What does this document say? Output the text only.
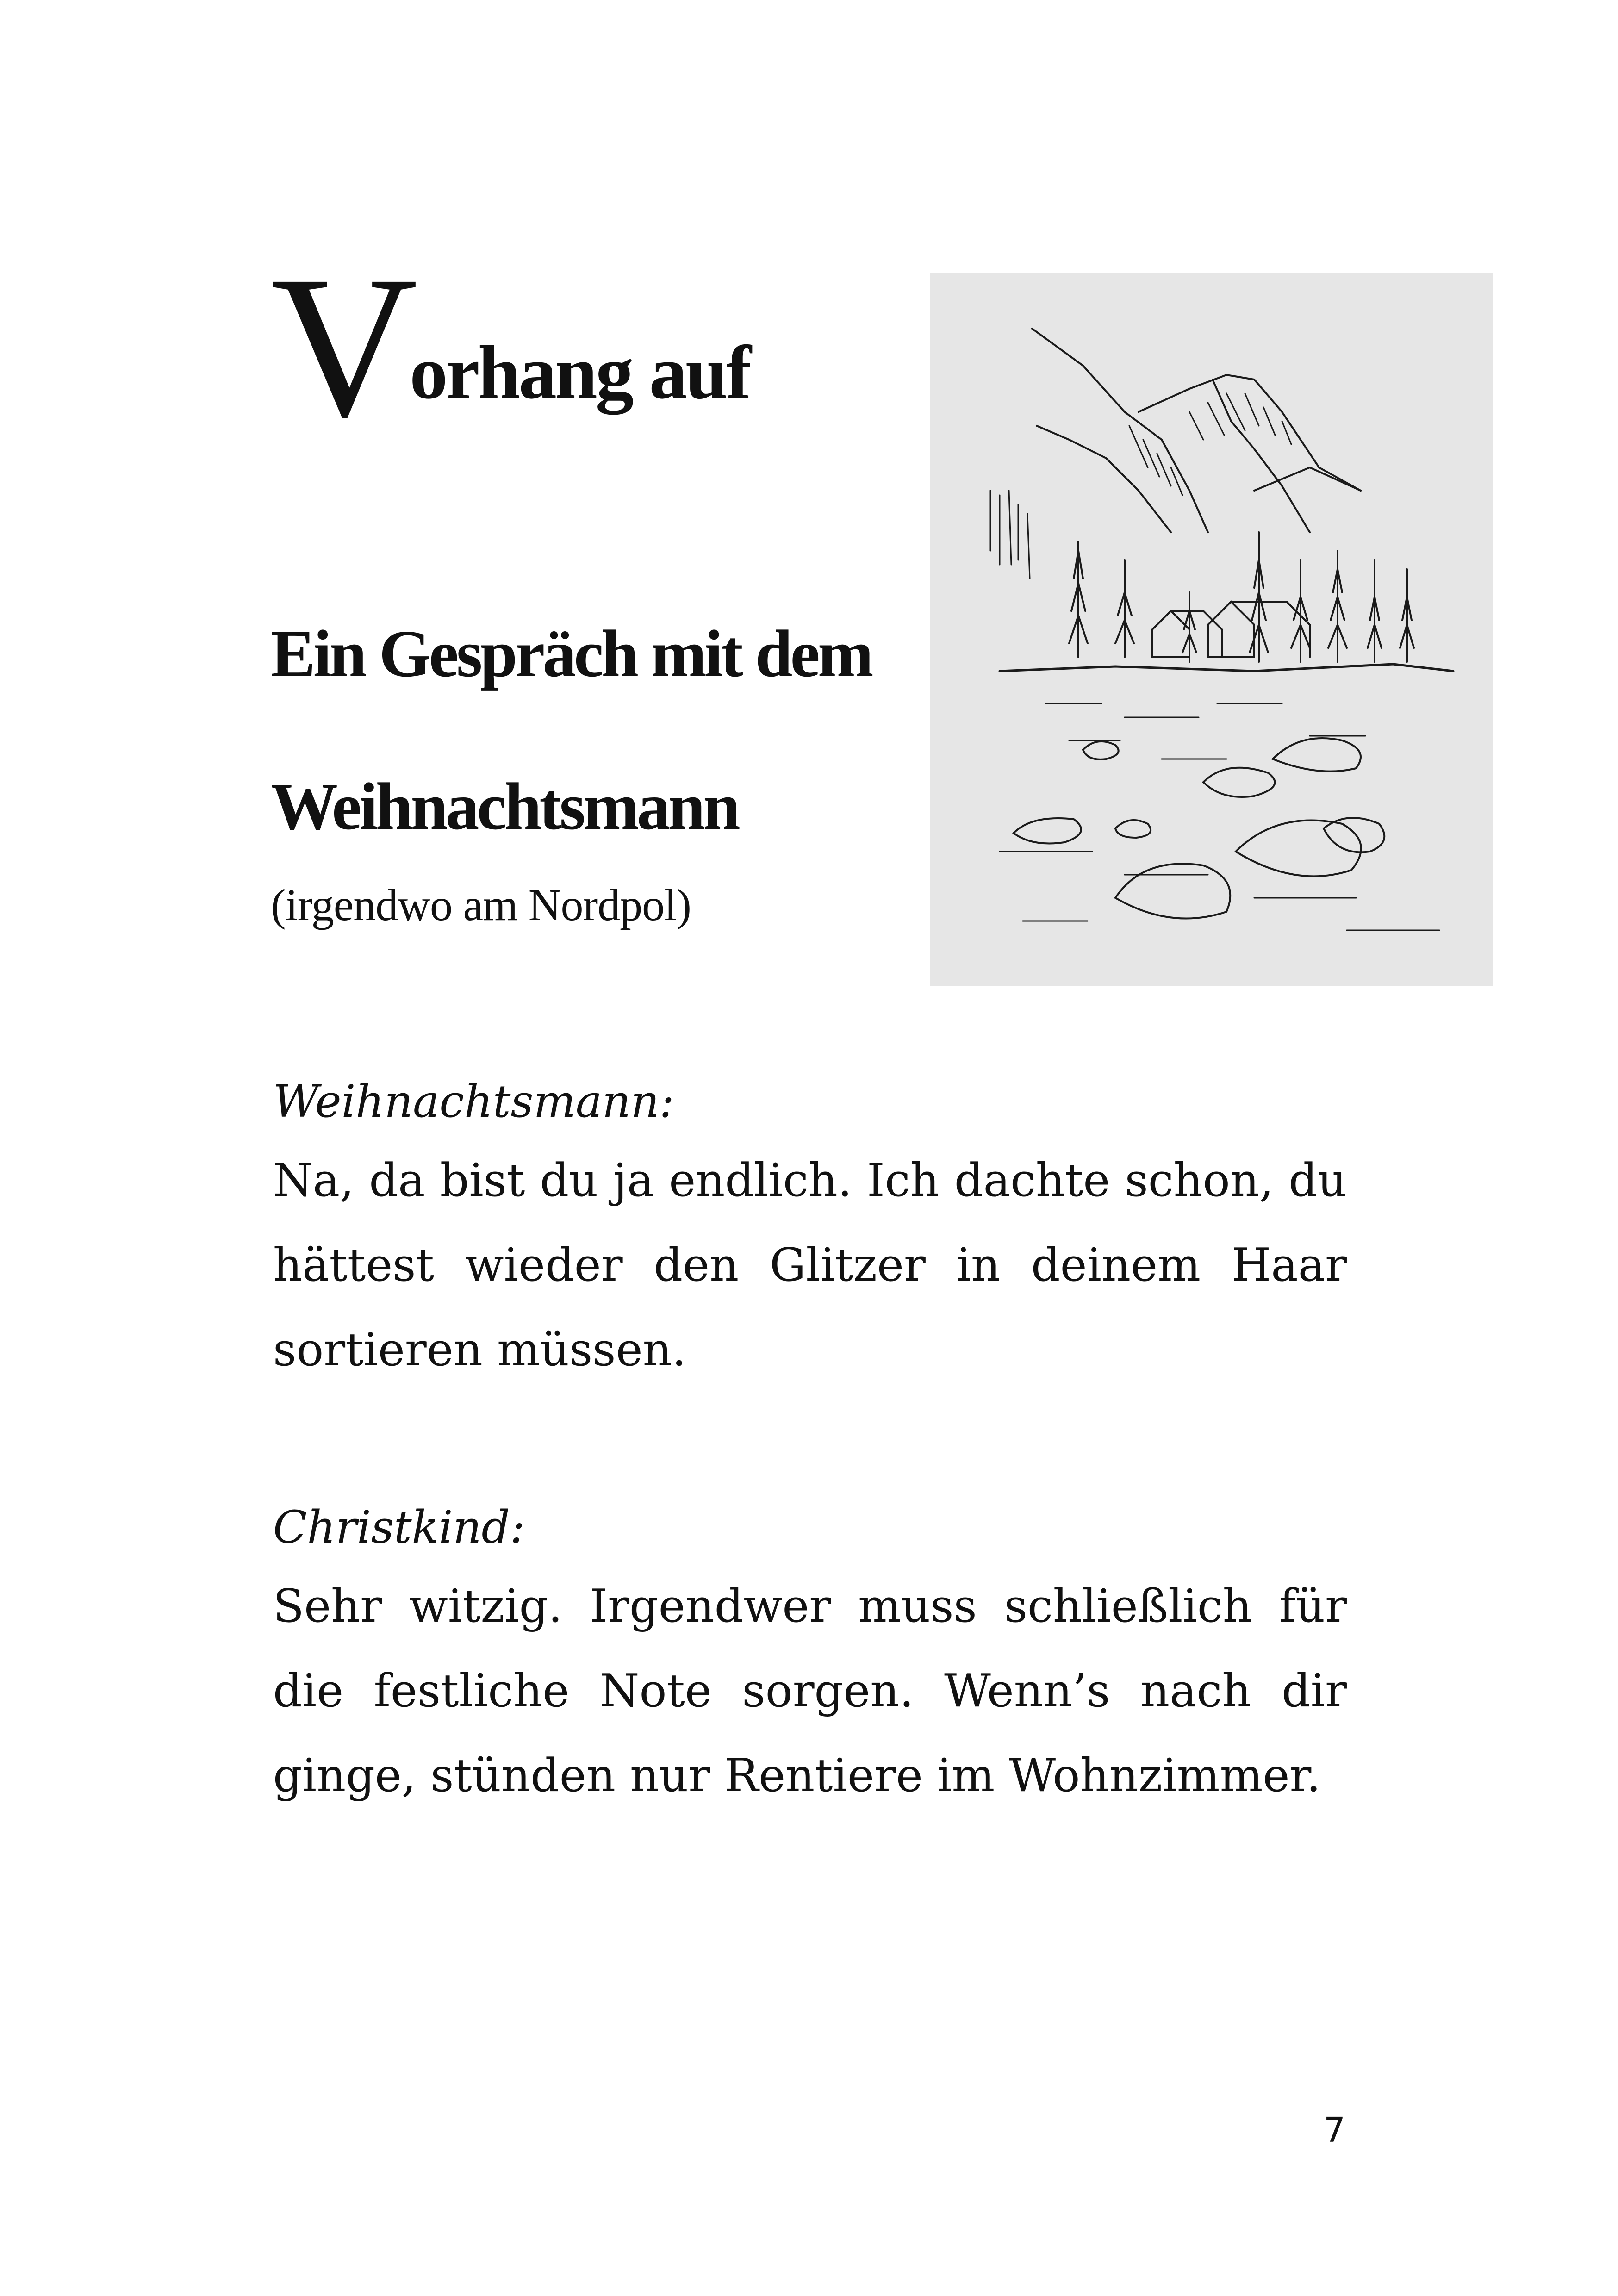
V
orhang auf
Ein Gespräch mit dem
Weihnachtsmann
(irgendwo am Nordpol)

Weihnachtsmann:

Na, da bist du ja endlich. Ich dachte schon, du hättest wieder den Glitzer in deinem Haar sortieren müssen.

Christkind:

Sehr witzig. Irgendwer muss schließlich für die festliche Note sorgen. Wenn’s nach dir ginge, stünden nur Rentiere im Wohnzimmer.

7
